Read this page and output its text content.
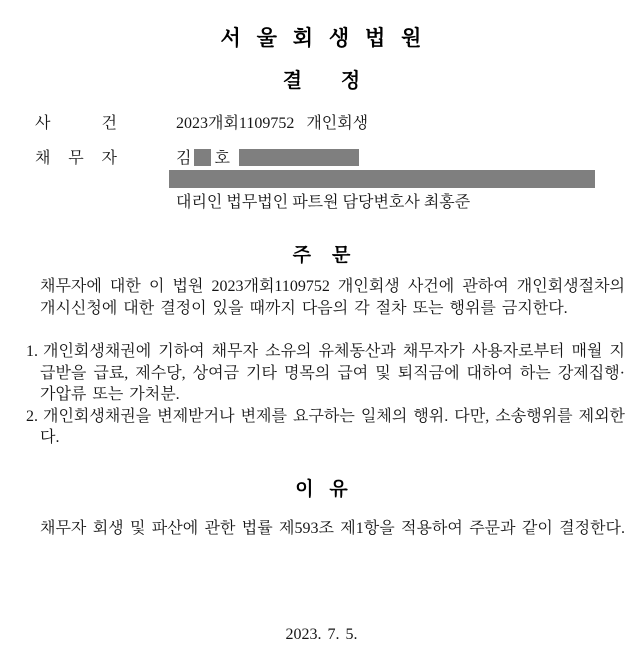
서 울 회 생 법 원
결       정
사	건	2023개회1109752   개인회생
채 무 자	김 호
대리인 법무법인 파트원 담당변호사 최홍준
주    문
채무자에 대한 이 법원 2023개회1109752 개인회생 사건에 관하여 개인회생절차의 개시신청에 대한 결정이 있을 때까지 다음의 각 절차 또는 행위를 금지한다.
1. 개인회생채권에 기하여 채무자 소유의 유체동산과 채무자가 사용자로부터 매월 지급받을 급료, 제수당, 상여금 기타 명목의 급여 및 퇴직금에 대하여 하는 강제집행·가압류 또는 가처분.
2. 개인회생채권을 변제받거나 변제를 요구하는 일체의 행위. 다만, 소송행위를 제외한다.
이   유
채무자 회생 및 파산에 관한 법률 제593조 제1항을 적용하여 주문과 같이 결정한다.
2023. 7. 5.
